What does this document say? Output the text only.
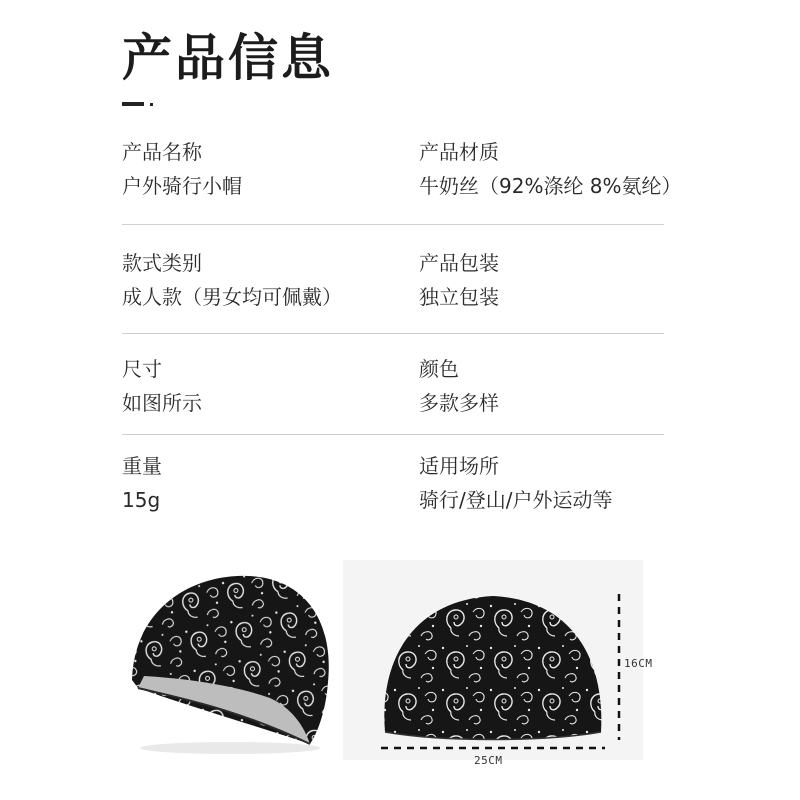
产品信息
产品名称
户外骑行小帽
产品材质
牛奶丝（92%涤纶 8%氨纶）
款式类别
成人款（男女均可佩戴）
产品包装
独立包装
尺寸
如图所示
颜色
多款多样
重量
15g
适用场所
骑行/登山/户外运动等
16CM
25CM
